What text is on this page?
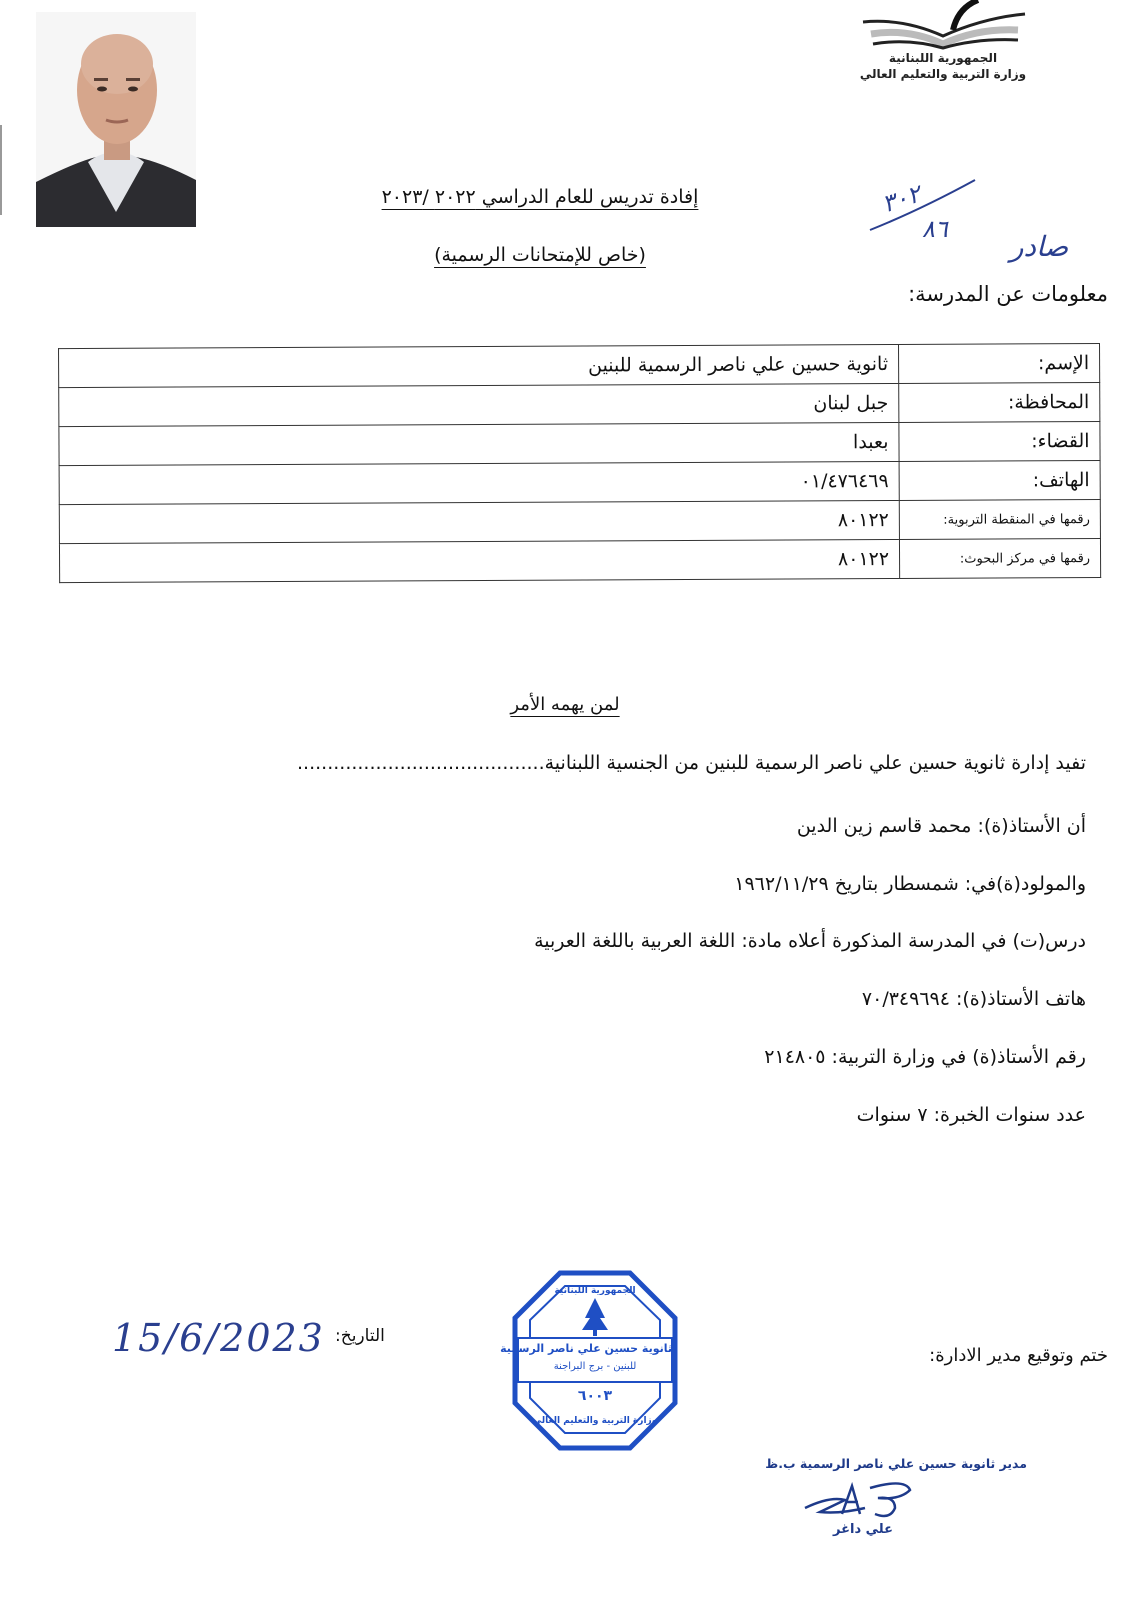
الجمهورية اللبنانية
وزارة التربية والتعليم العالي
إفادة تدريس للعام الدراسي ٢٠٢٢ /٢٠٢٣
(خاص للإمتحانات الرسمية)
٣٠٢
٨٦
صادر
معلومات عن المدرسة:
الإسم:	ثانوية حسين علي ناصر الرسمية للبنين
المحافظة:	جبل لبنان
القضاء:	بعبدا
الهاتف:	٠١/٤٧٦٤٦٩
رقمها في المنقطة التربوية:	٨٠١٢٢
رقمها في مركز البحوث:	٨٠١٢٢
لمن يهمه الأمر
تفيد إدارة ثانوية حسين علي ناصر الرسمية للبنين من الجنسية اللبنانية.........................................
أن الأستاذ(ة): محمد قاسم زين الدين
والمولود(ة)في: شمسطار بتاريخ ١٩٦٢/١١/٢٩
درس(ت) في المدرسة المذكورة أعلاه مادة: اللغة العربية باللغة العربية
هاتف الأستاذ(ة): ٧٠/٣٤٩٦٩٤
رقم الأستاذ(ة) في وزارة التربية: ٢١٤٨٠٥
عدد سنوات الخبرة: ٧ سنوات
15/6/2023 التاريخ:
الجمهورية اللبنانية
ثانوية حسين علي ناصر الرسمية
للبنين - برج البراجنة
٦٠٠٣
وزارة التربية والتعليم العالي
ختم وتوقيع مدير الادارة:
مدير ثانوية حسين علي ناصر الرسمية ب.ظ
علي داغر
